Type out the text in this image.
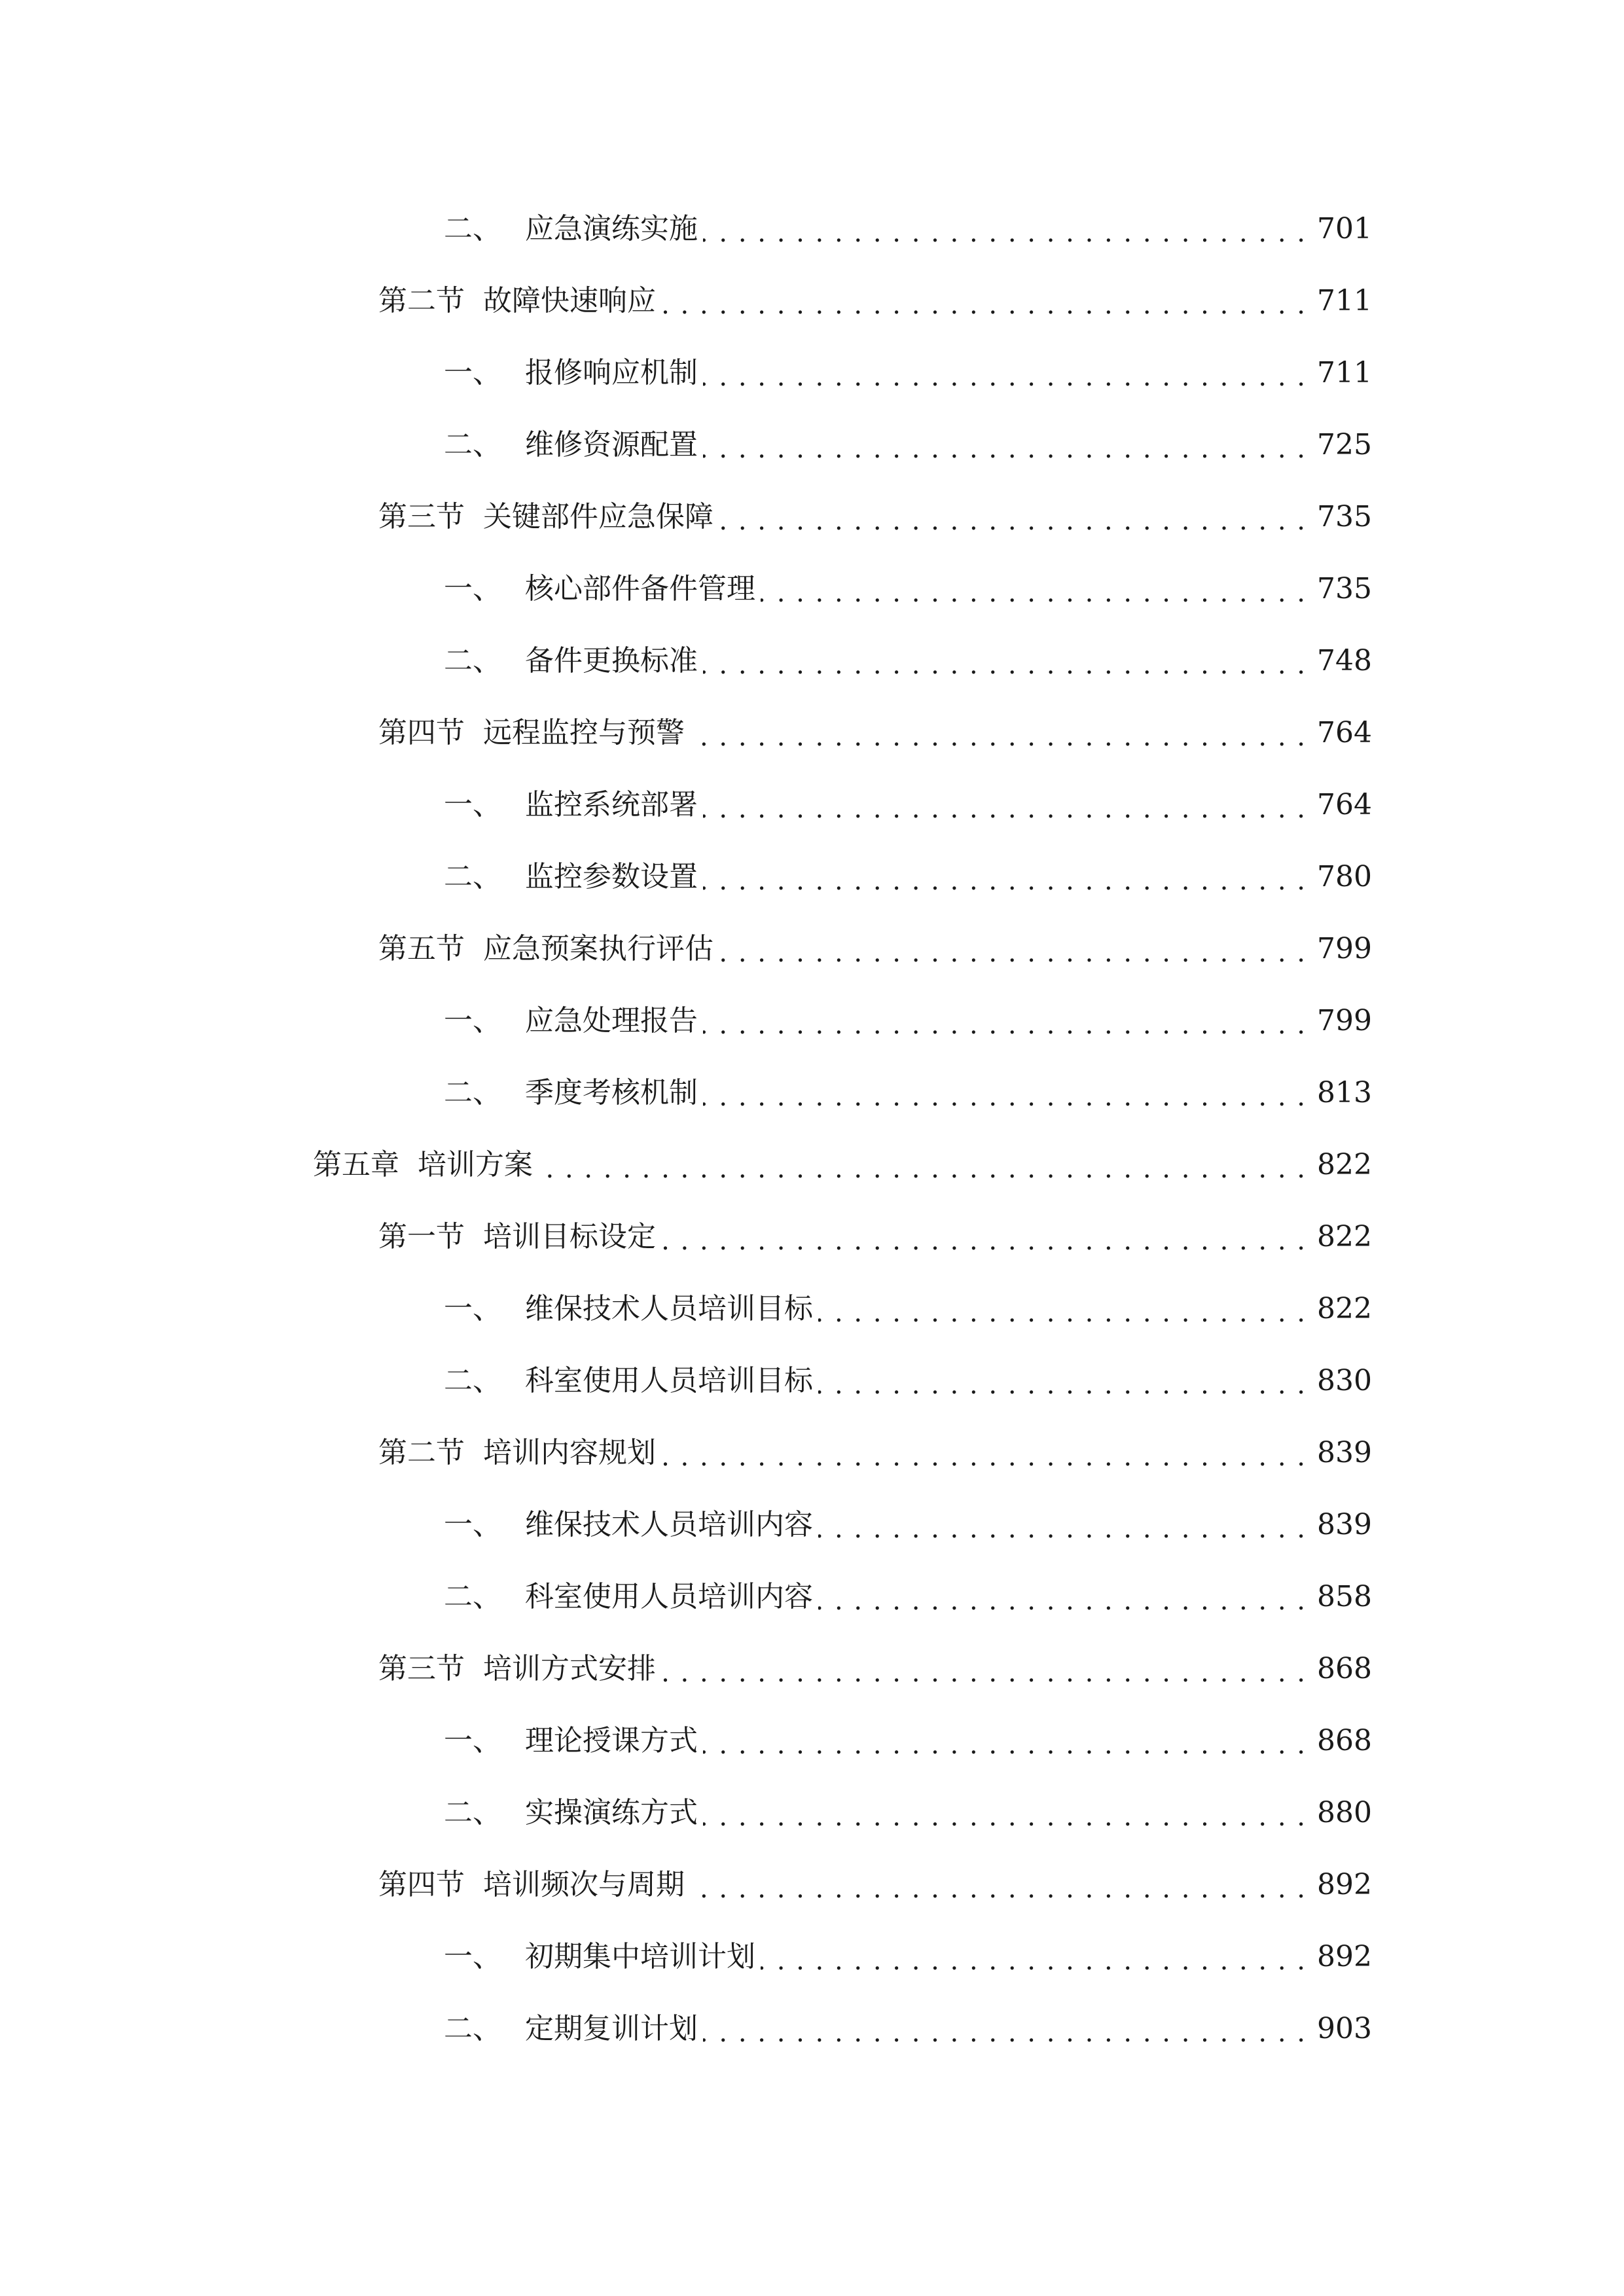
二、 应急演练实施 . . .	701
第二节 故障快速响应 . . .	711
一、 报修响应机制 . . .	711
二、 维修资源配置 . . .	725
第三节 关键部件应急保障 . . .	735
一、 核心部件备件管理 . . .	735
二、 备件更换标准 . . .	748
第四节 远程监控与预警 . . .	764
一、 监控系统部署 . . .	764
二、 监控参数设置 . . .	780
第五节 应急预案执行评估 . . .	799
一、 应急处理报告 . . .	799
二、 季度考核机制 . . .	813
第五章 培训方案 . . .	822
第一节 培训目标设定 . . .	822
一、 维保技术人员培训目标 . . .	822
二、 科室使用人员培训目标 . . .	830
第二节 培训内容规划 . . .	839
一、 维保技术人员培训内容 . . .	839
二、 科室使用人员培训内容 . . .	858
第三节 培训方式安排 . . .	868
一、 理论授课方式 . . .	868
二、 实操演练方式 . . .	880
第四节 培训频次与周期 . . .	892
一、 初期集中培训计划 . . .	892
二、 定期复训计划 . . .	903
